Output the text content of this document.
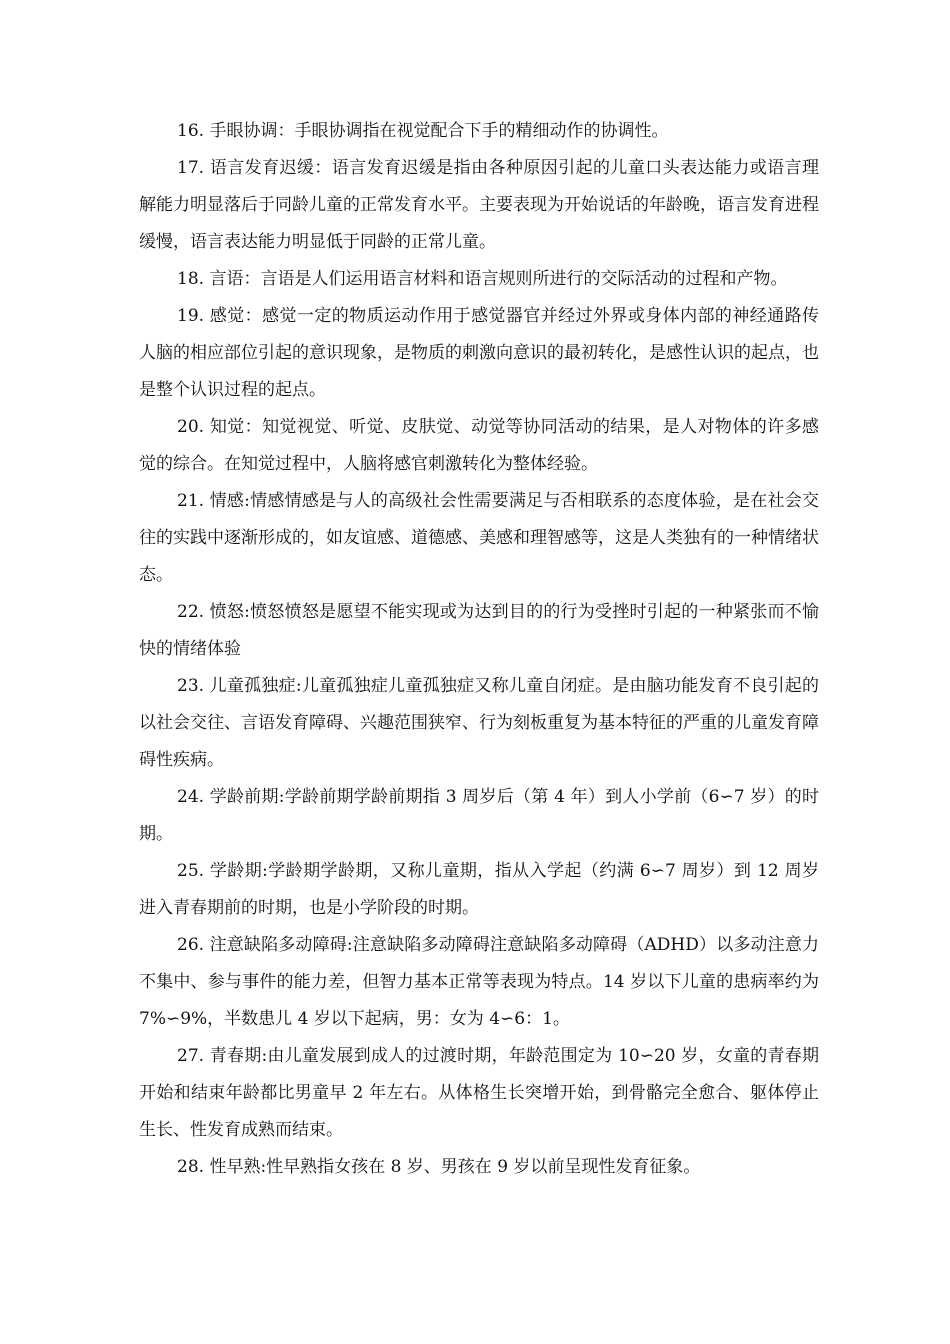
16. 手眼协调：手眼协调指在视觉配合下手的精细动作的协调性。

17. 语言发育迟缓：语言发育迟缓是指由各种原因引起的儿童口头表达能力或语言理解能力明显落后于同龄儿童的正常发育水平。主要表现为开始说话的年龄晚，语言发育进程缓慢，语言表达能力明显低于同龄的正常儿童。

18. 言语：言语是人们运用语言材料和语言规则所进行的交际活动的过程和产物。

19. 感觉：感觉一定的物质运动作用于感觉器官并经过外界或身体内部的神经通路传人脑的相应部位引起的意识现象，是物质的刺激向意识的最初转化，是感性认识的起点，也是整个认识过程的起点。

20. 知觉：知觉视觉、听觉、皮肤觉、动觉等协同活动的结果，是人对物体的许多感觉的综合。在知觉过程中，人脑将感官刺激转化为整体经验。

21. 情感:情感情感是与人的高级社会性需要满足与否相联系的态度体验，是在社会交往的实践中逐渐形成的，如友谊感、道德感、美感和理智感等，这是人类独有的一种情绪状态。

22. 愤怒:愤怒愤怒是愿望不能实现或为达到目的的行为受挫时引起的一种紧张而不愉快的情绪体验

23. 儿童孤独症:儿童孤独症儿童孤独症又称儿童自闭症。是由脑功能发育不良引起的以社会交往、言语发育障碍、兴趣范围狭窄、行为刻板重复为基本特征的严重的儿童发育障碍性疾病。

24. 学龄前期:学龄前期学龄前期指 3 周岁后（第 4 年）到人小学前（6∽7 岁）的时期。

25. 学龄期:学龄期学龄期，又称儿童期，指从入学起（约满 6∽7 周岁）到 12 周岁进入青春期前的时期，也是小学阶段的时期。

26. 注意缺陷多动障碍:注意缺陷多动障碍注意缺陷多动障碍（ADHD）以多动注意力不集中、参与事件的能力差，但智力基本正常等表现为特点。14 岁以下儿童的患病率约为 7%∽9%，半数患儿 4 岁以下起病，男：女为 4∽6：1。

27. 青春期:由儿童发展到成人的过渡时期，年龄范围定为 10∽20 岁，女童的青春期开始和结束年龄都比男童早 2 年左右。从体格生长突增开始，到骨骼完全愈合、躯体停止生长、性发育成熟而结束。

28. 性早熟:性早熟指女孩在 8 岁、男孩在 9 岁以前呈现性发育征象。
